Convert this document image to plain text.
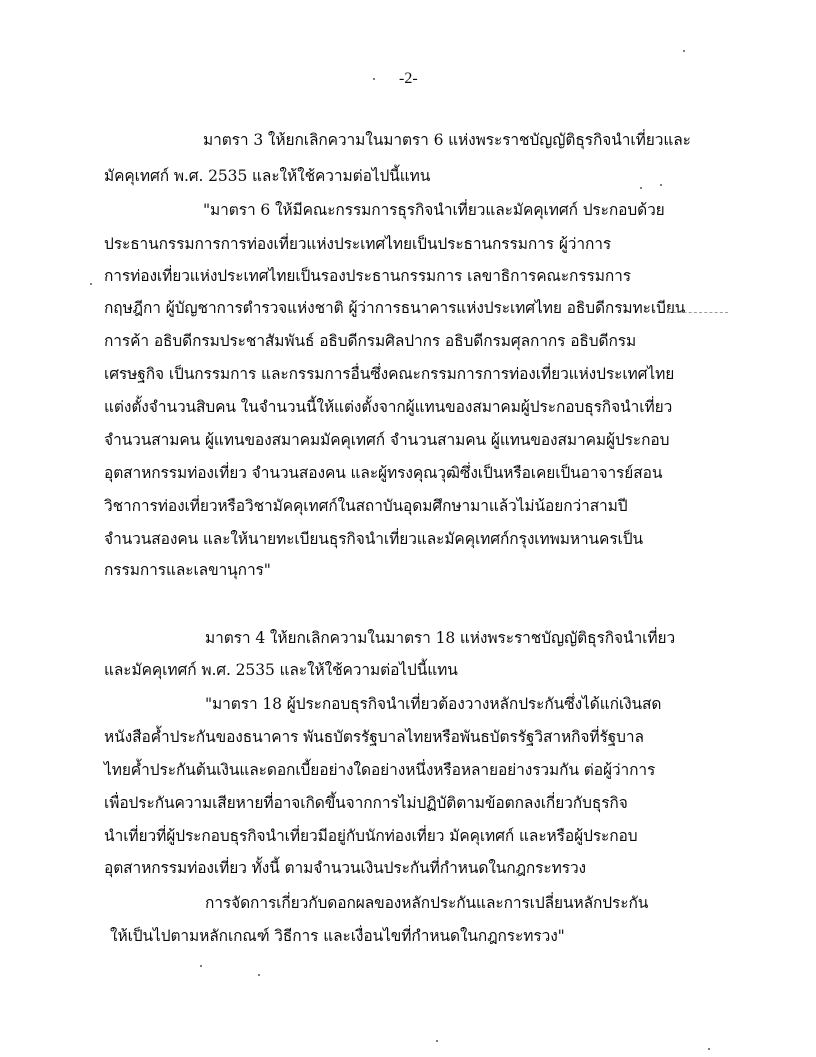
-2-
มาตรา 3 ให้ยกเลิกความในมาตรา 6 แห่งพระราชบัญญัติธุรกิจนำเที่ยวและ
มัคคุเทศก์ พ.ศ. 2535 และให้ใช้ความต่อไปนี้แทน
"มาตรา 6 ให้มีคณะกรรมการธุรกิจนำเที่ยวและมัคคุเทศก์ ประกอบด้วย
ประธานกรรมการการท่องเที่ยวแห่งประเทศไทยเป็นประธานกรรมการ ผู้ว่าการ
การท่องเที่ยวแห่งประเทศไทยเป็นรองประธานกรรมการ เลขาธิการคณะกรรมการ
กฤษฎีกา ผู้บัญชาการตำรวจแห่งชาติ ผู้ว่าการธนาคารแห่งประเทศไทย อธิบดีกรมทะเบียน
การค้า อธิบดีกรมประชาสัมพันธ์ อธิบดีกรมศิลปากร อธิบดีกรมศุลกากร อธิบดีกรม
เศรษฐกิจ เป็นกรรมการ และกรรมการอื่นซึ่งคณะกรรมการการท่องเที่ยวแห่งประเทศไทย
แต่งตั้งจำนวนสิบคน ในจำนวนนี้ให้แต่งตั้งจากผู้แทนของสมาคมผู้ประกอบธุรกิจนำเที่ยว
จำนวนสามคน ผู้แทนของสมาคมมัคคุเทศก์ จำนวนสามคน ผู้แทนของสมาคมผู้ประกอบ
อุตสาหกรรมท่องเที่ยว จำนวนสองคน และผู้ทรงคุณวุฒิซึ่งเป็นหรือเคยเป็นอาจารย์สอน
วิชาการท่องเที่ยวหรือวิชามัคคุเทศก์ในสถาบันอุดมศึกษามาแล้วไม่น้อยกว่าสามปี
จำนวนสองคน และให้นายทะเบียนธุรกิจนำเที่ยวและมัคคุเทศก์กรุงเทพมหานครเป็น
กรรมการและเลขานุการ"
มาตรา 4 ให้ยกเลิกความในมาตรา 18 แห่งพระราชบัญญัติธุรกิจนำเที่ยว
และมัคคุเทศก์ พ.ศ. 2535 และให้ใช้ความต่อไปนี้แทน
"มาตรา 18 ผู้ประกอบธุรกิจนำเที่ยวต้องวางหลักประกันซึ่งได้แก่เงินสด
หนังสือค้ำประกันของธนาคาร พันธบัตรรัฐบาลไทยหรือพันธบัตรรัฐวิสาหกิจที่รัฐบาล
ไทยค้ำประกันต้นเงินและดอกเบี้ยอย่างใดอย่างหนึ่งหรือหลายอย่างรวมกัน ต่อผู้ว่าการ
เพื่อประกันความเสียหายที่อาจเกิดขึ้นจากการไม่ปฏิบัติตามข้อตกลงเกี่ยวกับธุรกิจ
นำเที่ยวที่ผู้ประกอบธุรกิจนำเที่ยวมีอยู่กับนักท่องเที่ยว มัคคุเทศก์ และหรือผู้ประกอบ
อุตสาหกรรมท่องเที่ยว ทั้งนี้ ตามจำนวนเงินประกันที่กำหนดในกฎกระทรวง
การจัดการเกี่ยวกับดอกผลของหลักประกันและการเปลี่ยนหลักประกัน
ให้เป็นไปตามหลักเกณฑ์ วิธีการ และเงื่อนไขที่กำหนดในกฎกระทรวง"
